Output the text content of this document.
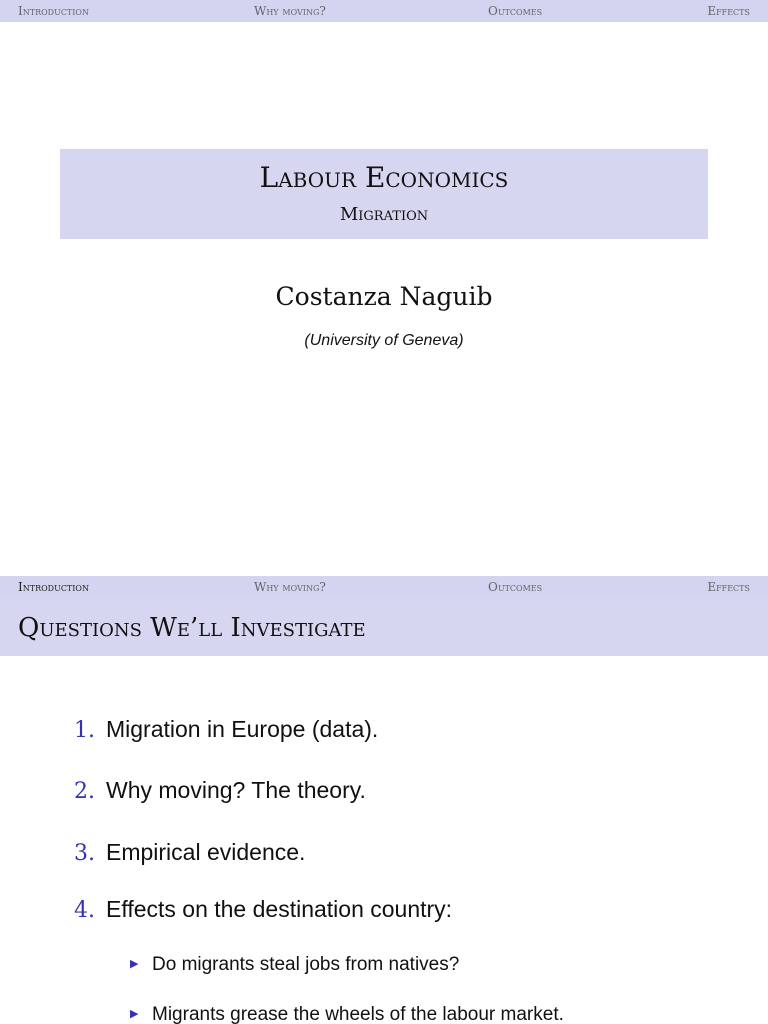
Introduction	Why moving?	Outcomes	Effects
Labour Economics
Migration
Costanza Naguib
(University of Geneva)
Introduction	Why moving?	Outcomes	Effects
Questions We’ll Investigate
1. Migration in Europe (data).
2. Why moving? The theory.
3. Empirical evidence.
4. Effects on the destination country:
▶ Do migrants steal jobs from natives?
▶ Migrants grease the wheels of the labour market.
